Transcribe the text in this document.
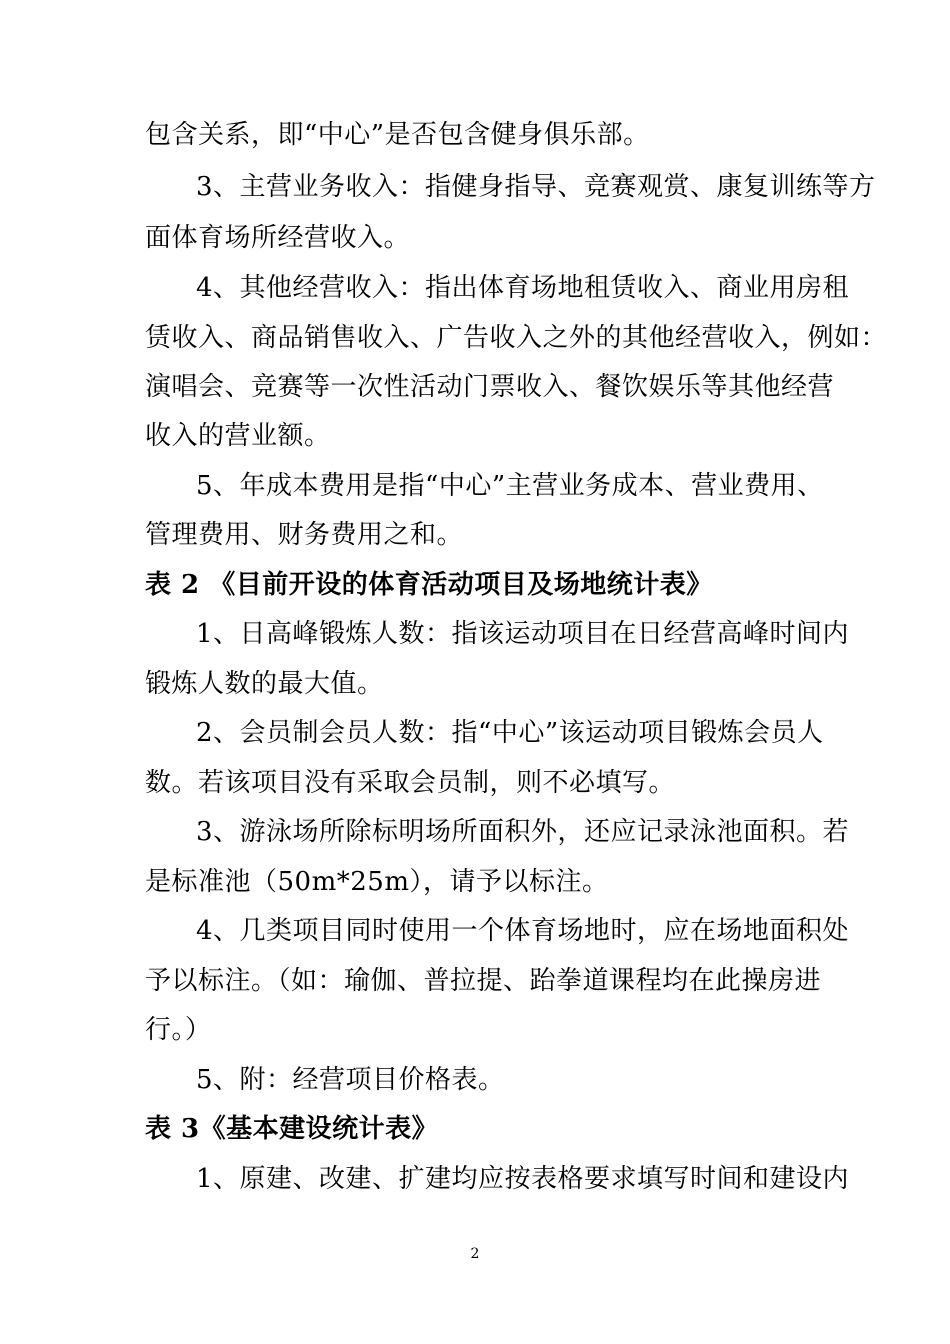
包含关系，即“中心”是否包含健身俱乐部。
3、主营业务收入：指健身指导、竞赛观赏、康复训练等方
面体育场所经营收入。
4、其他经营收入：指出体育场地租赁收入、商业用房租
赁收入、商品销售收入、广告收入之外的其他经营收入，例如：
演唱会、竞赛等一次性活动门票收入、餐饮娱乐等其他经营
收入的营业额。
5、年成本费用是指“中心”主营业务成本、营业费用、
管理费用、财务费用之和。
表 2 《目前开设的体育活动项目及场地统计表》
1、日高峰锻炼人数：指该运动项目在日经营高峰时间内
锻炼人数的最大值。
2、会员制会员人数：指“中心”该运动项目锻炼会员人
数。若该项目没有采取会员制，则不必填写。
3、游泳场所除标明场所面积外，还应记录泳池面积。若
是标准池（50m*25m），请予以标注。
4、几类项目同时使用一个体育场地时，应在场地面积处
予以标注。（如：瑜伽、普拉提、跆拳道课程均在此操房进
行。）
5、附：经营项目价格表。
表 3《基本建设统计表》
1、原建、改建、扩建均应按表格要求填写时间和建设内
2
